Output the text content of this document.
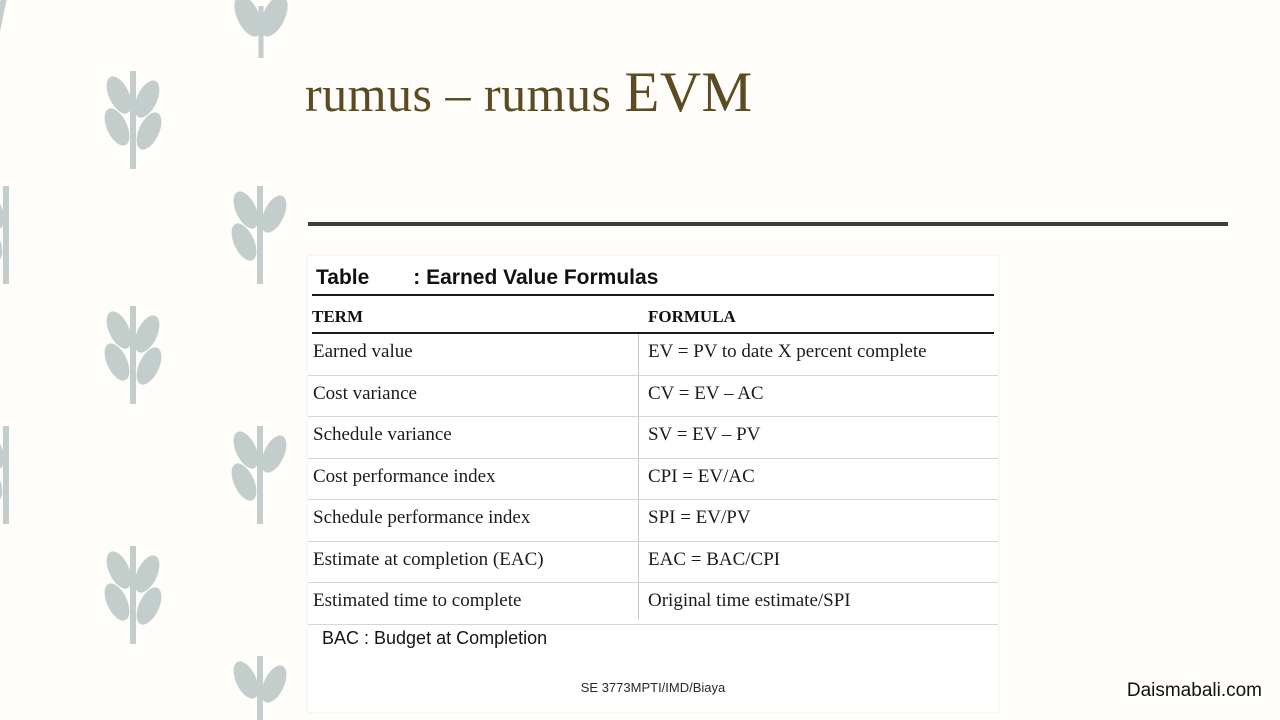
rumus – rumus EVM
Table : Earned Value Formulas
TERM	FORMULA
Earned value	EV = PV to date X percent complete
Cost variance	CV = EV – AC
Schedule variance	SV = EV – PV
Cost performance index	CPI = EV/AC
Schedule performance index	SPI = EV/PV
Estimate at completion (EAC)	EAC = BAC/CPI
Estimated time to complete	Original time estimate/SPI
BAC : Budget at Completion
SE 3773MPTI/IMD/Biaya	Daismabali.com
